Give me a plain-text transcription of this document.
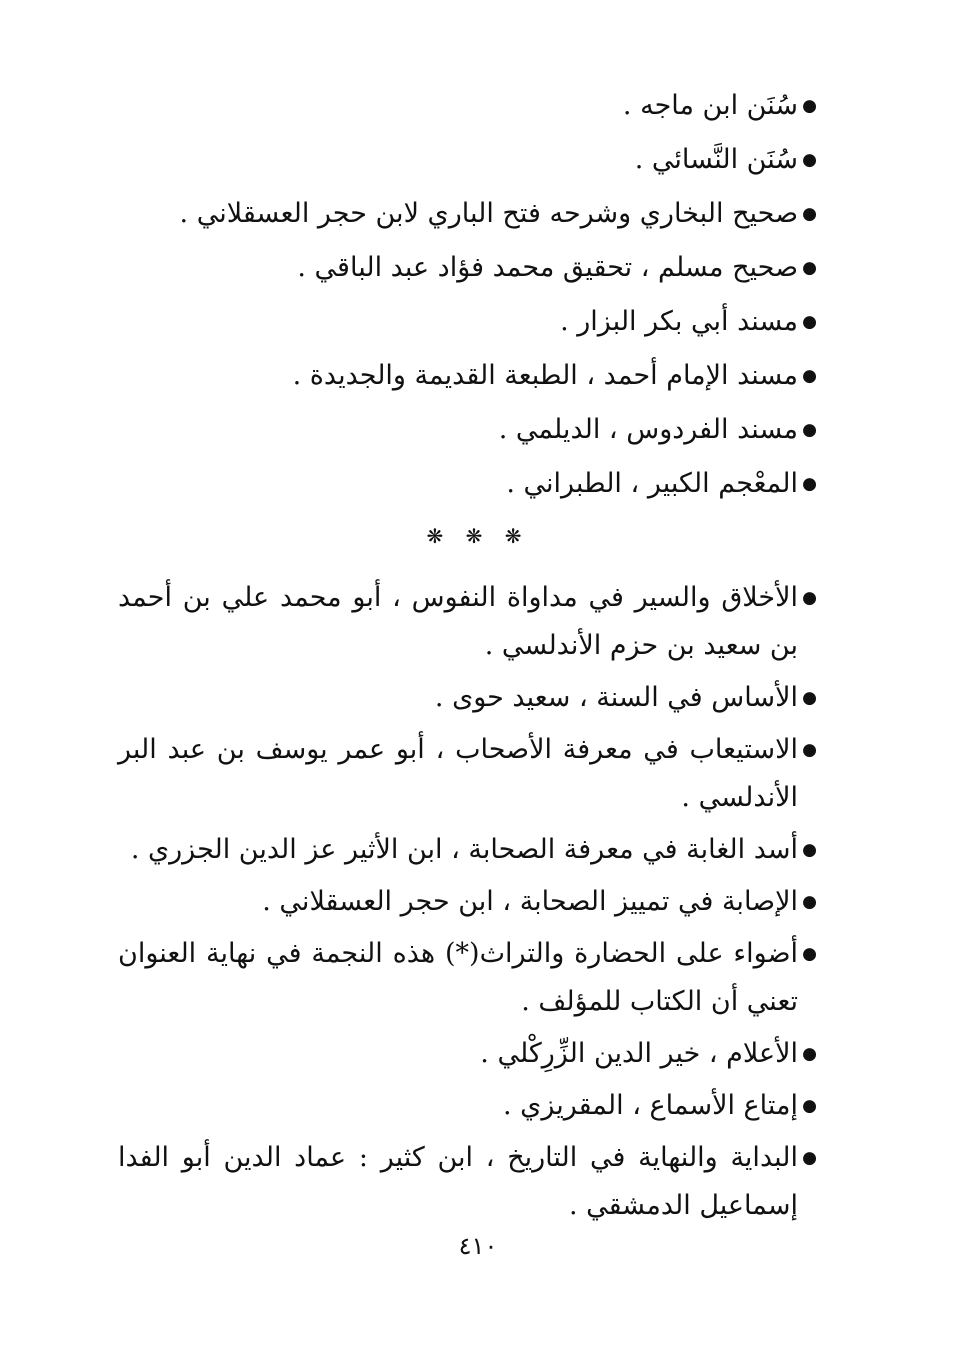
●
سُنَن ابن ماجه .
●
سُنَن النَّسائي .
●
صحيح البخاري وشرحه فتح الباري لابن حجر العسقلاني .
●
صحيح مسلم ، تحقيق محمد فؤاد عبد الباقي .
●
مسند أبي بكر البزار .
●
مسند الإمام أحمد ، الطبعة القديمة والجديدة .
●
مسند الفردوس ، الديلمي .
●
المعْجم الكبير ، الطبراني .
❋ ❋ ❋
●
الأخلاق والسير في مداواة النفوس ، أبو محمد علي بن أحمد بن سعيد بن حزم الأندلسي .
●
الأساس في السنة ، سعيد حوى .
●
الاستيعاب في معرفة الأصحاب ، أبو عمر يوسف بن عبد البر الأندلسي .
●
أسد الغابة في معرفة الصحابة ، ابن الأثير عز الدين الجزري .
●
الإصابة في تمييز الصحابة ، ابن حجر العسقلاني .
●
أضواء على الحضارة والتراث(*) هذه النجمة في نهاية العنوان تعني أن الكتاب للمؤلف .
●
الأعلام ، خير الدين الزِّرِكْلي .
●
إمتاع الأسماع ، المقريزي .
●
البداية والنهاية في التاريخ ، ابن كثير : عماد الدين أبو الفدا إسماعيل الدمشقي .
٤١٠
